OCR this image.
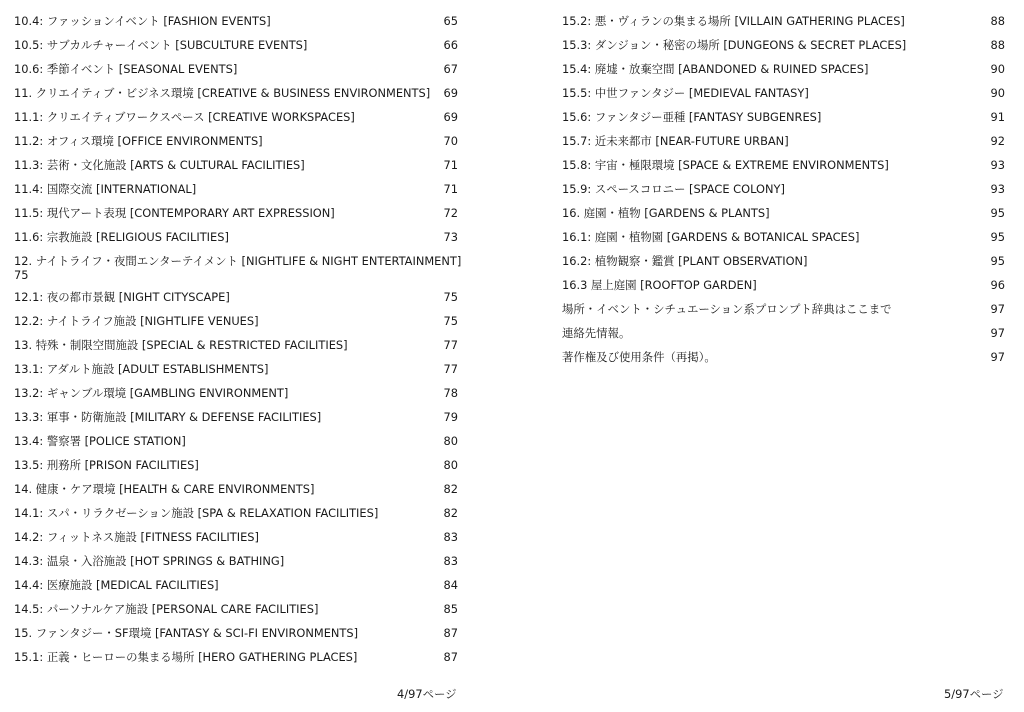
10.4: ファッションイベント [FASHION EVENTS]	65
10.5: サブカルチャーイベント [SUBCULTURE EVENTS]	66
10.6: 季節イベント [SEASONAL EVENTS]	67
11. クリエイティブ・ビジネス環境 [CREATIVE & BUSINESS ENVIRONMENTS]	69
11.1: クリエイティブワークスペース [CREATIVE WORKSPACES]	69
11.2: オフィス環境 [OFFICE ENVIRONMENTS]	70
11.3: 芸術・文化施設 [ARTS & CULTURAL FACILITIES]	71
11.4: 国際交流 [INTERNATIONAL]	71
11.5: 現代アート表現 [CONTEMPORARY ART EXPRESSION]	72
11.6: 宗教施設 [RELIGIOUS FACILITIES]	73
12. ナイトライフ・夜間エンターテイメント [NIGHTLIFE & NIGHT ENTERTAINMENT]
75
12.1: 夜の都市景観 [NIGHT CITYSCAPE]	75
12.2: ナイトライフ施設 [NIGHTLIFE VENUES]	75
13. 特殊・制限空間施設 [SPECIAL & RESTRICTED FACILITIES]	77
13.1: アダルト施設 [ADULT ESTABLISHMENTS]	77
13.2: ギャンブル環境 [GAMBLING ENVIRONMENT]	78
13.3: 軍事・防衛施設 [MILITARY & DEFENSE FACILITIES]	79
13.4: 警察署 [POLICE STATION]	80
13.5: 刑務所 [PRISON FACILITIES]	80
14. 健康・ケア環境 [HEALTH & CARE ENVIRONMENTS]	82
14.1: スパ・リラクゼーション施設 [SPA & RELAXATION FACILITIES]	82
14.2: フィットネス施設 [FITNESS FACILITIES]	83
14.3: 温泉・入浴施設 [HOT SPRINGS & BATHING]	83
14.4: 医療施設 [MEDICAL FACILITIES]	84
14.5: パーソナルケア施設 [PERSONAL CARE FACILITIES]	85
15. ファンタジー・SF環境 [FANTASY & SCI-FI ENVIRONMENTS]	87
15.1: 正義・ヒーローの集まる場所 [HERO GATHERING PLACES]	87
15.2: 悪・ヴィランの集まる場所 [VILLAIN GATHERING PLACES]	88
15.3: ダンジョン・秘密の場所 [DUNGEONS & SECRET PLACES]	88
15.4: 廃墟・放棄空間 [ABANDONED & RUINED SPACES]	90
15.5: 中世ファンタジー [MEDIEVAL FANTASY]	90
15.6: ファンタジー亜種 [FANTASY SUBGENRES]	91
15.7: 近未来都市 [NEAR-FUTURE URBAN]	92
15.8: 宇宙・極限環境 [SPACE & EXTREME ENVIRONMENTS]	93
15.9: スペースコロニー [SPACE COLONY]	93
16. 庭園・植物 [GARDENS & PLANTS]	95
16.1: 庭園・植物園 [GARDENS & BOTANICAL SPACES]	95
16.2: 植物観察・鑑賞 [PLANT OBSERVATION]	95
16.3 屋上庭園 [ROOFTOP GARDEN]	96
場所・イベント・シチュエーション系プロンプト辞典はここまで	97
連絡先情報。	97
著作権及び使用条件（再掲）。	97
4/97ページ	5/97ページ
